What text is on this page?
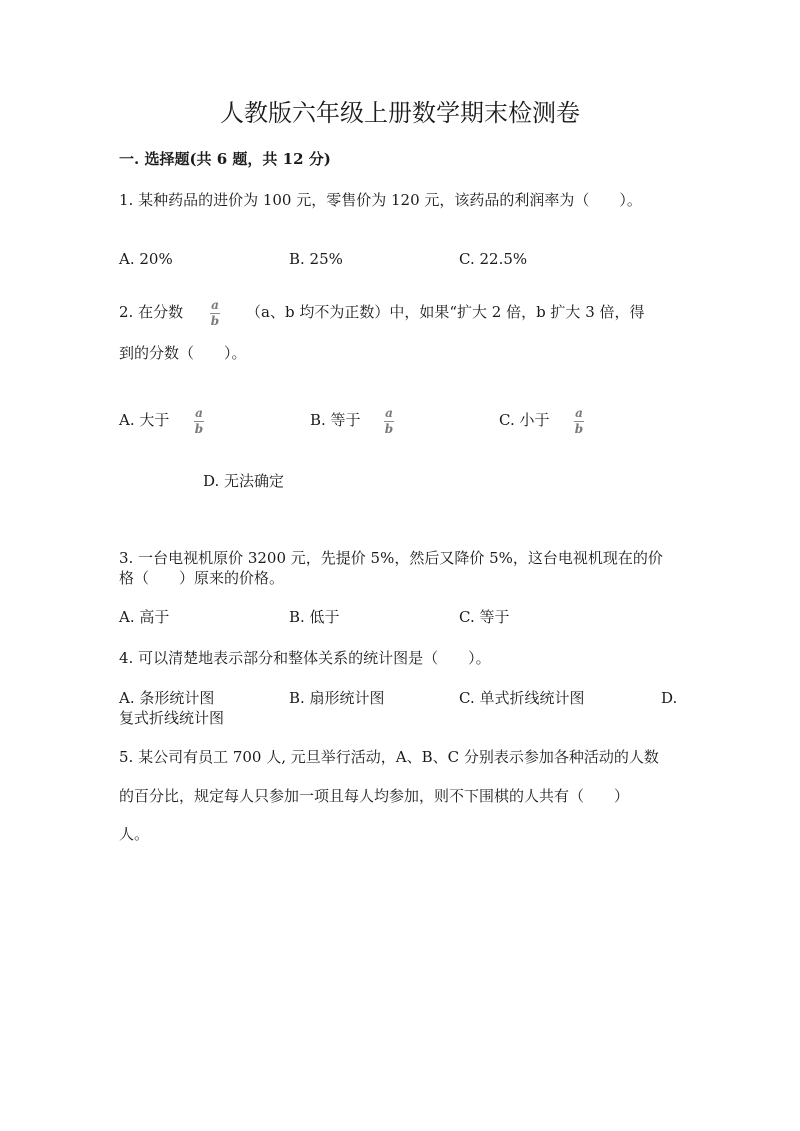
人教版六年级上册数学期末检测卷
一. 选择题(共 6 题，共 12 分)
1. 某种药品的进价为 100 元，零售价为 120 元，该药品的利润率为（　　）。
A. 20%	B. 25%	C. 22.5%
2. 在分数 a
b （a、b 均不为正数）中，如果“扩大 2 倍，b 扩大 3 倍，得
到的分数（　　）。
A. 大于 a
b	B. 等于 a
b	C. 小于 a
b
D. 无法确定
3. 一台电视机原价 3200 元，先提价 5%，然后又降价 5%，这台电视机现在的价
格（　　）原来的价格。
A. 高于	B. 低于	C. 等于
4. 可以清楚地表示部分和整体关系的统计图是（　　）。
A. 条形统计图	B. 扇形统计图	C. 单式折线统计图	D.
复式折线统计图
5. 某公司有员工 700 人, 元旦举行活动，A、B、C 分别表示参加各种活动的人数
的百分比，规定每人只参加一项且每人均参加，则不下围棋的人共有（　　）
人。
